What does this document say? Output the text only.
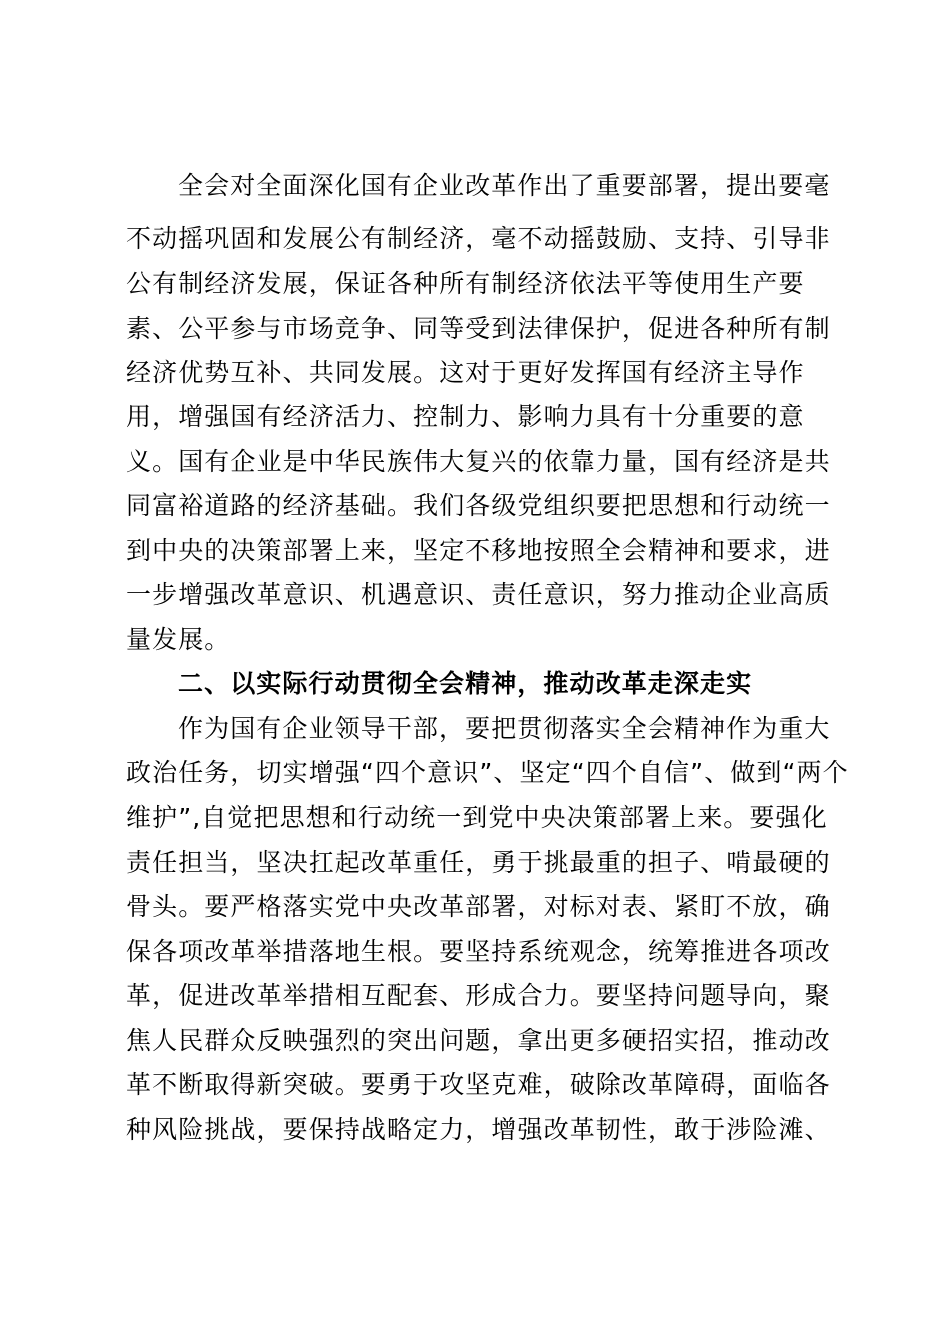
全会对全面深化国有企业改革作出了重要部署，提出要毫
不动摇巩固和发展公有制经济，毫不动摇鼓励、支持、引导非
公有制经济发展，保证各种所有制经济依法平等使用生产要
素、公平参与市场竞争、同等受到法律保护，促进各种所有制
经济优势互补、共同发展。这对于更好发挥国有经济主导作
用，增强国有经济活力、控制力、影响力具有十分重要的意
义。国有企业是中华民族伟大复兴的依靠力量，国有经济是共
同富裕道路的经济基础。我们各级党组织要把思想和行动统一
到中央的决策部署上来，坚定不移地按照全会精神和要求，进
一步增强改革意识、机遇意识、责任意识，努力推动企业高质
量发展。
二、以实际行动贯彻全会精神，推动改革走深走实
作为国有企业领导干部，要把贯彻落实全会精神作为重大
政治任务，切实增强“四个意识”、坚定“四个自信”、做到“两个
维护”,自觉把思想和行动统一到党中央决策部署上来。要强化
责任担当，坚决扛起改革重任，勇于挑最重的担子、啃最硬的
骨头。要严格落实党中央改革部署，对标对表、紧盯不放，确
保各项改革举措落地生根。要坚持系统观念，统筹推进各项改
革，促进改革举措相互配套、形成合力。要坚持问题导向，聚
焦人民群众反映强烈的突出问题，拿出更多硬招实招，推动改
革不断取得新突破。要勇于攻坚克难，破除改革障碍，面临各
种风险挑战，要保持战略定力，增强改革韧性，敢于涉险滩、
